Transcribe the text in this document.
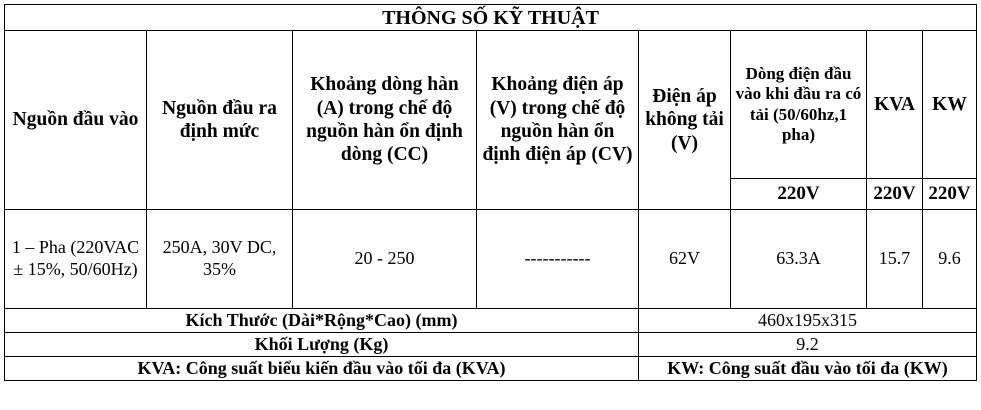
THÔNG SỐ KỸ THUẬT							
Nguồn đầu vào	Nguồn đầu ra định mức	Khoảng dòng hàn (A) trong chế độ nguồn hàn ổn định dòng (CC)	Khoảng điện áp (V) trong chế độ nguồn hàn ổn định điện áp (CV)	Điện áp không tải (V)	Dòng điện đầu vào khi đầu ra có tải (50/60hz,1 pha)	KVA	KW
					220V	220V	220V
1 – Pha (220VAC ± 15%, 50/60Hz)	250A, 30V DC, 35%	20 - 250	-----------	62V	63.3A	15.7	9.6
Kích Thước (Dài*Rộng*Cao) (mm)				460x195x315			
Khối Lượng (Kg)				9.2			
KVA: Công suất biểu kiến đầu vào tối đa (KVA)				KW: Công suất đầu vào tối đa (KW)			
